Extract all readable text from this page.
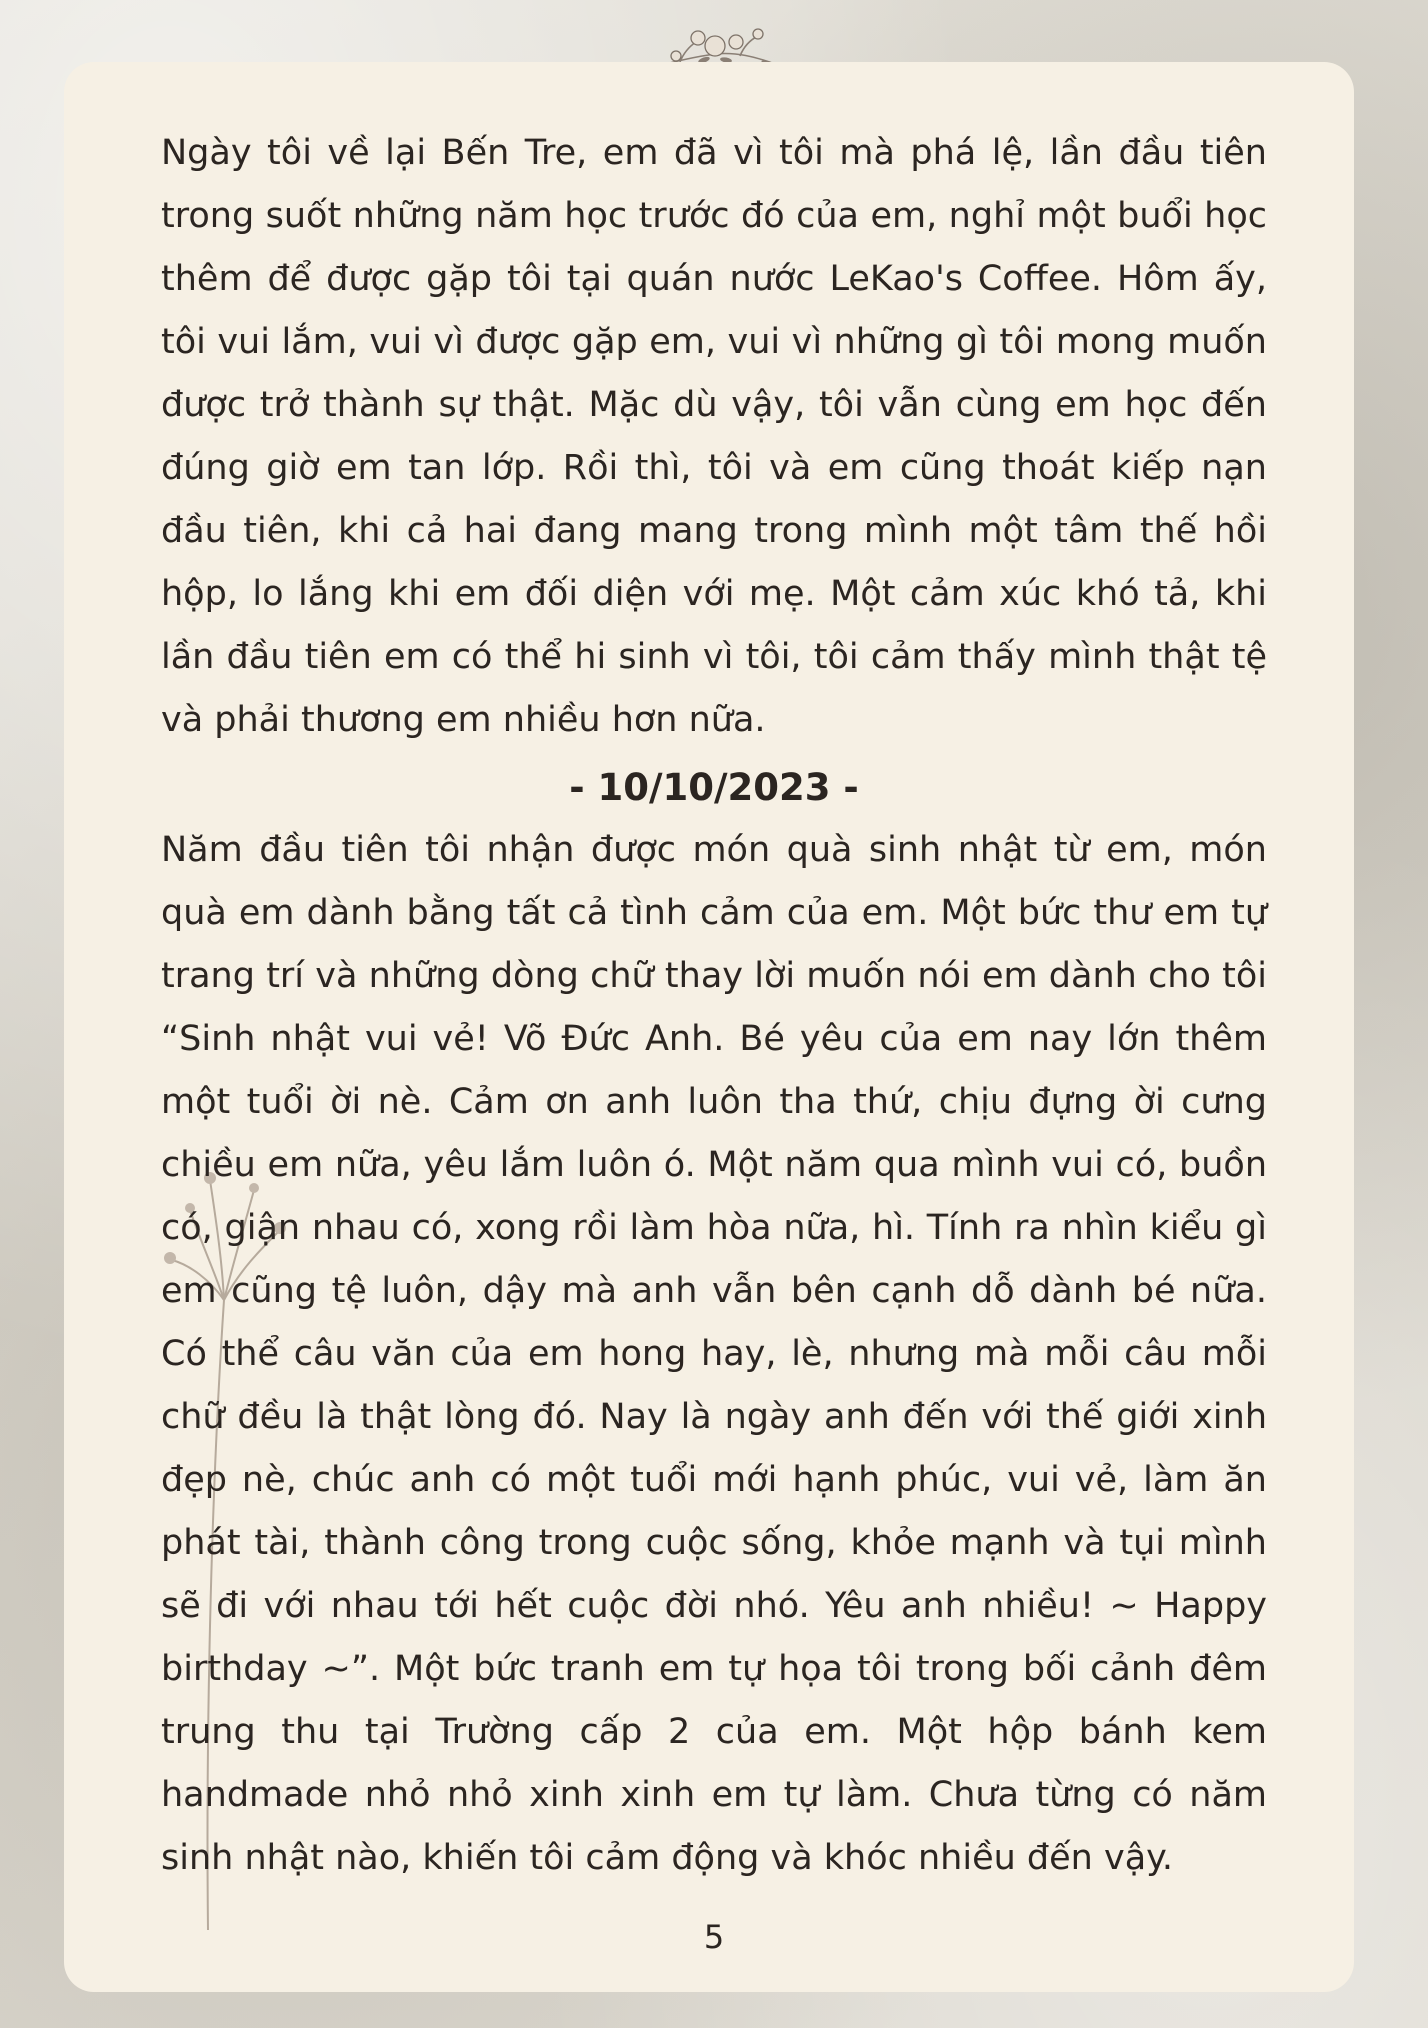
Ngày tôi về lại Bến Tre, em đã vì tôi mà phá lệ, lần đầu tiên trong suốt những năm học trước đó của em, nghỉ một buổi học thêm để được gặp tôi tại quán nước LeKao's Coffee. Hôm ấy, tôi vui lắm, vui vì được gặp em, vui vì những gì tôi mong muốn được trở thành sự thật. Mặc dù vậy, tôi vẫn cùng em học đến đúng giờ em tan lớp. Rồi thì, tôi và em cũng thoát kiếp nạn đầu tiên, khi cả hai đang mang trong mình một tâm thế hồi hộp, lo lắng khi em đối diện với mẹ. Một cảm xúc khó tả, khi lần đầu tiên em có thể hi sinh vì tôi, tôi cảm thấy mình thật tệ và phải thương em nhiều hơn nữa.

- 10/10/2023 -

Năm đầu tiên tôi nhận được món quà sinh nhật từ em, món quà em dành bằng tất cả tình cảm của em. Một bức thư em tự trang trí và những dòng chữ thay lời muốn nói em dành cho tôi “Sinh nhật vui vẻ! Võ Đức Anh. Bé yêu của em nay lớn thêm một tuổi ời nè. Cảm ơn anh luôn tha thứ, chịu đựng ời cưng chiều em nữa, yêu lắm luôn ó. Một năm qua mình vui có, buồn có, giận nhau có, xong rồi làm hòa nữa, hì. Tính ra nhìn kiểu gì em cũng tệ luôn, dậy mà anh vẫn bên cạnh dỗ dành bé nữa. Có thể câu văn của em hong hay, lè, nhưng mà mỗi câu mỗi chữ đều là thật lòng đó. Nay là ngày anh đến với thế giới xinh đẹp nè, chúc anh có một tuổi mới hạnh phúc, vui vẻ, làm ăn phát tài, thành công trong cuộc sống, khỏe mạnh và tụi mình sẽ đi với nhau tới hết cuộc đời nhó. Yêu anh nhiều! ~ Happy birthday ~”. Một bức tranh em tự họa tôi trong bối cảnh đêm trung thu tại Trường cấp 2 của em. Một hộp bánh kem handmade nhỏ nhỏ xinh xinh em tự làm. Chưa từng có năm sinh nhật nào, khiến tôi cảm động và khóc nhiều đến vậy.

5
